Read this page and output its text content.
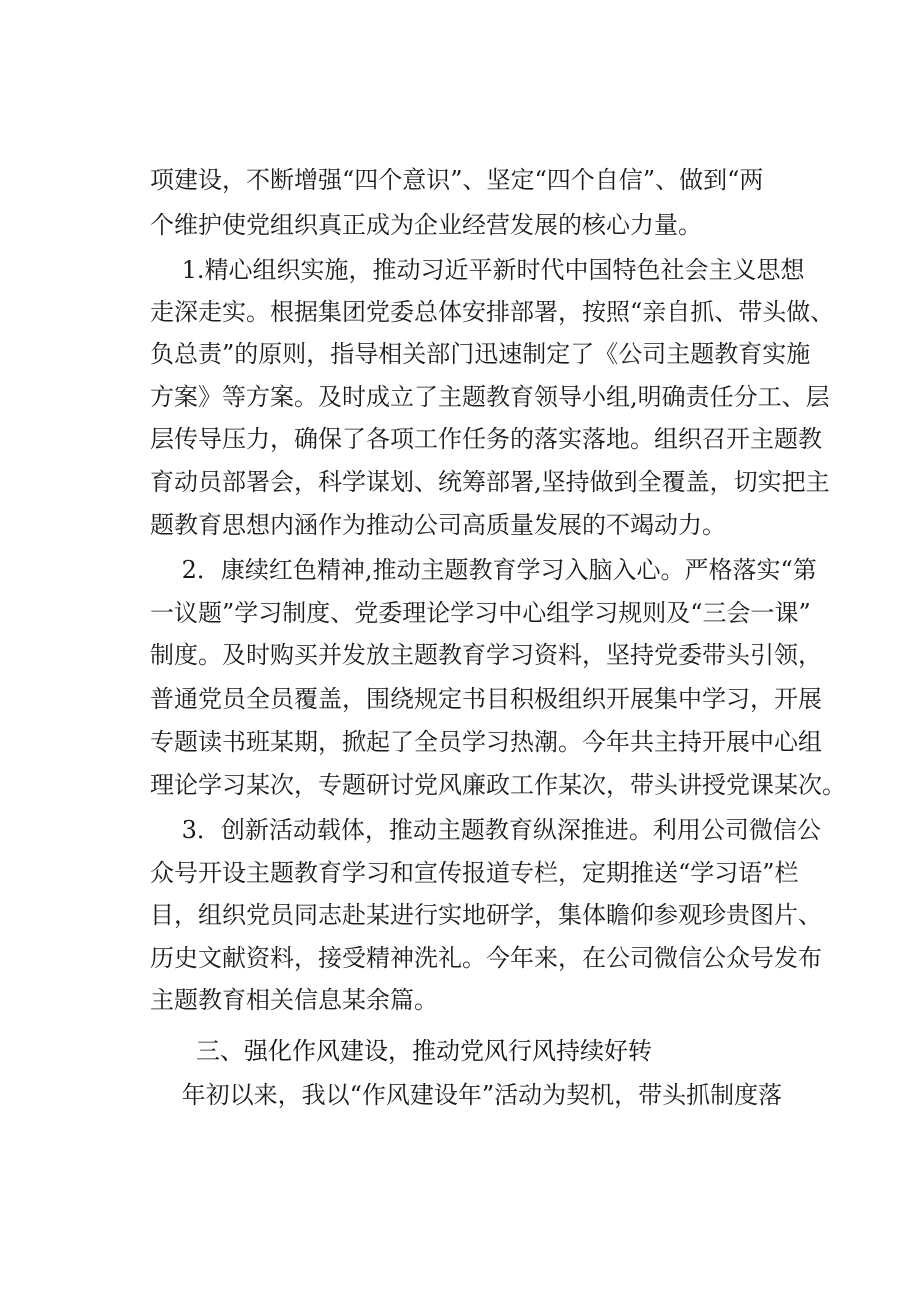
项建设，不断增强“四个意识”、坚定“四个自信”、做到“两
个维护使党组织真正成为企业经营发展的核心力量。
　 1.精心组织实施，推动习近平新时代中国特色社会主义思想
走深走实。根据集团党委总体安排部署，按照“亲自抓、带头做、
负总责”的原则，指导相关部门迅速制定了《公司主题教育实施
方案》等方案。及时成立了主题教育领导小组,明确责任分工、层
层传导压力，确保了各项工作任务的落实落地。组织召开主题教
育动员部署会，科学谋划、统筹部署,坚持做到全覆盖，切实把主
题教育思想内涵作为推动公司高质量发展的不竭动力。
　 2．康续红色精神,推动主题教育学习入脑入心。严格落实“第
一议题”学习制度、党委理论学习中心组学习规则及“三会一课”
制度。及时购买并发放主题教育学习资料，坚持党委带头引领，
普通党员全员覆盖，围绕规定书目积极组织开展集中学习，开展
专题读书班某期，掀起了全员学习热潮。今年共主持开展中心组
理论学习某次，专题研讨党风廉政工作某次，带头讲授党课某次。
　 3．创新活动载体，推动主题教育纵深推进。利用公司微信公
众号开设主题教育学习和宣传报道专栏，定期推送“学习语”栏
目，组织党员同志赴某进行实地研学，集体瞻仰参观珍贵图片、
历史文献资料，接受精神洗礼。今年来，在公司微信公众号发布
主题教育相关信息某余篇。
三、强化作风建设，推动党风行风持续好转
　 年初以来，我以“作风建设年”活动为契机，带头抓制度落
